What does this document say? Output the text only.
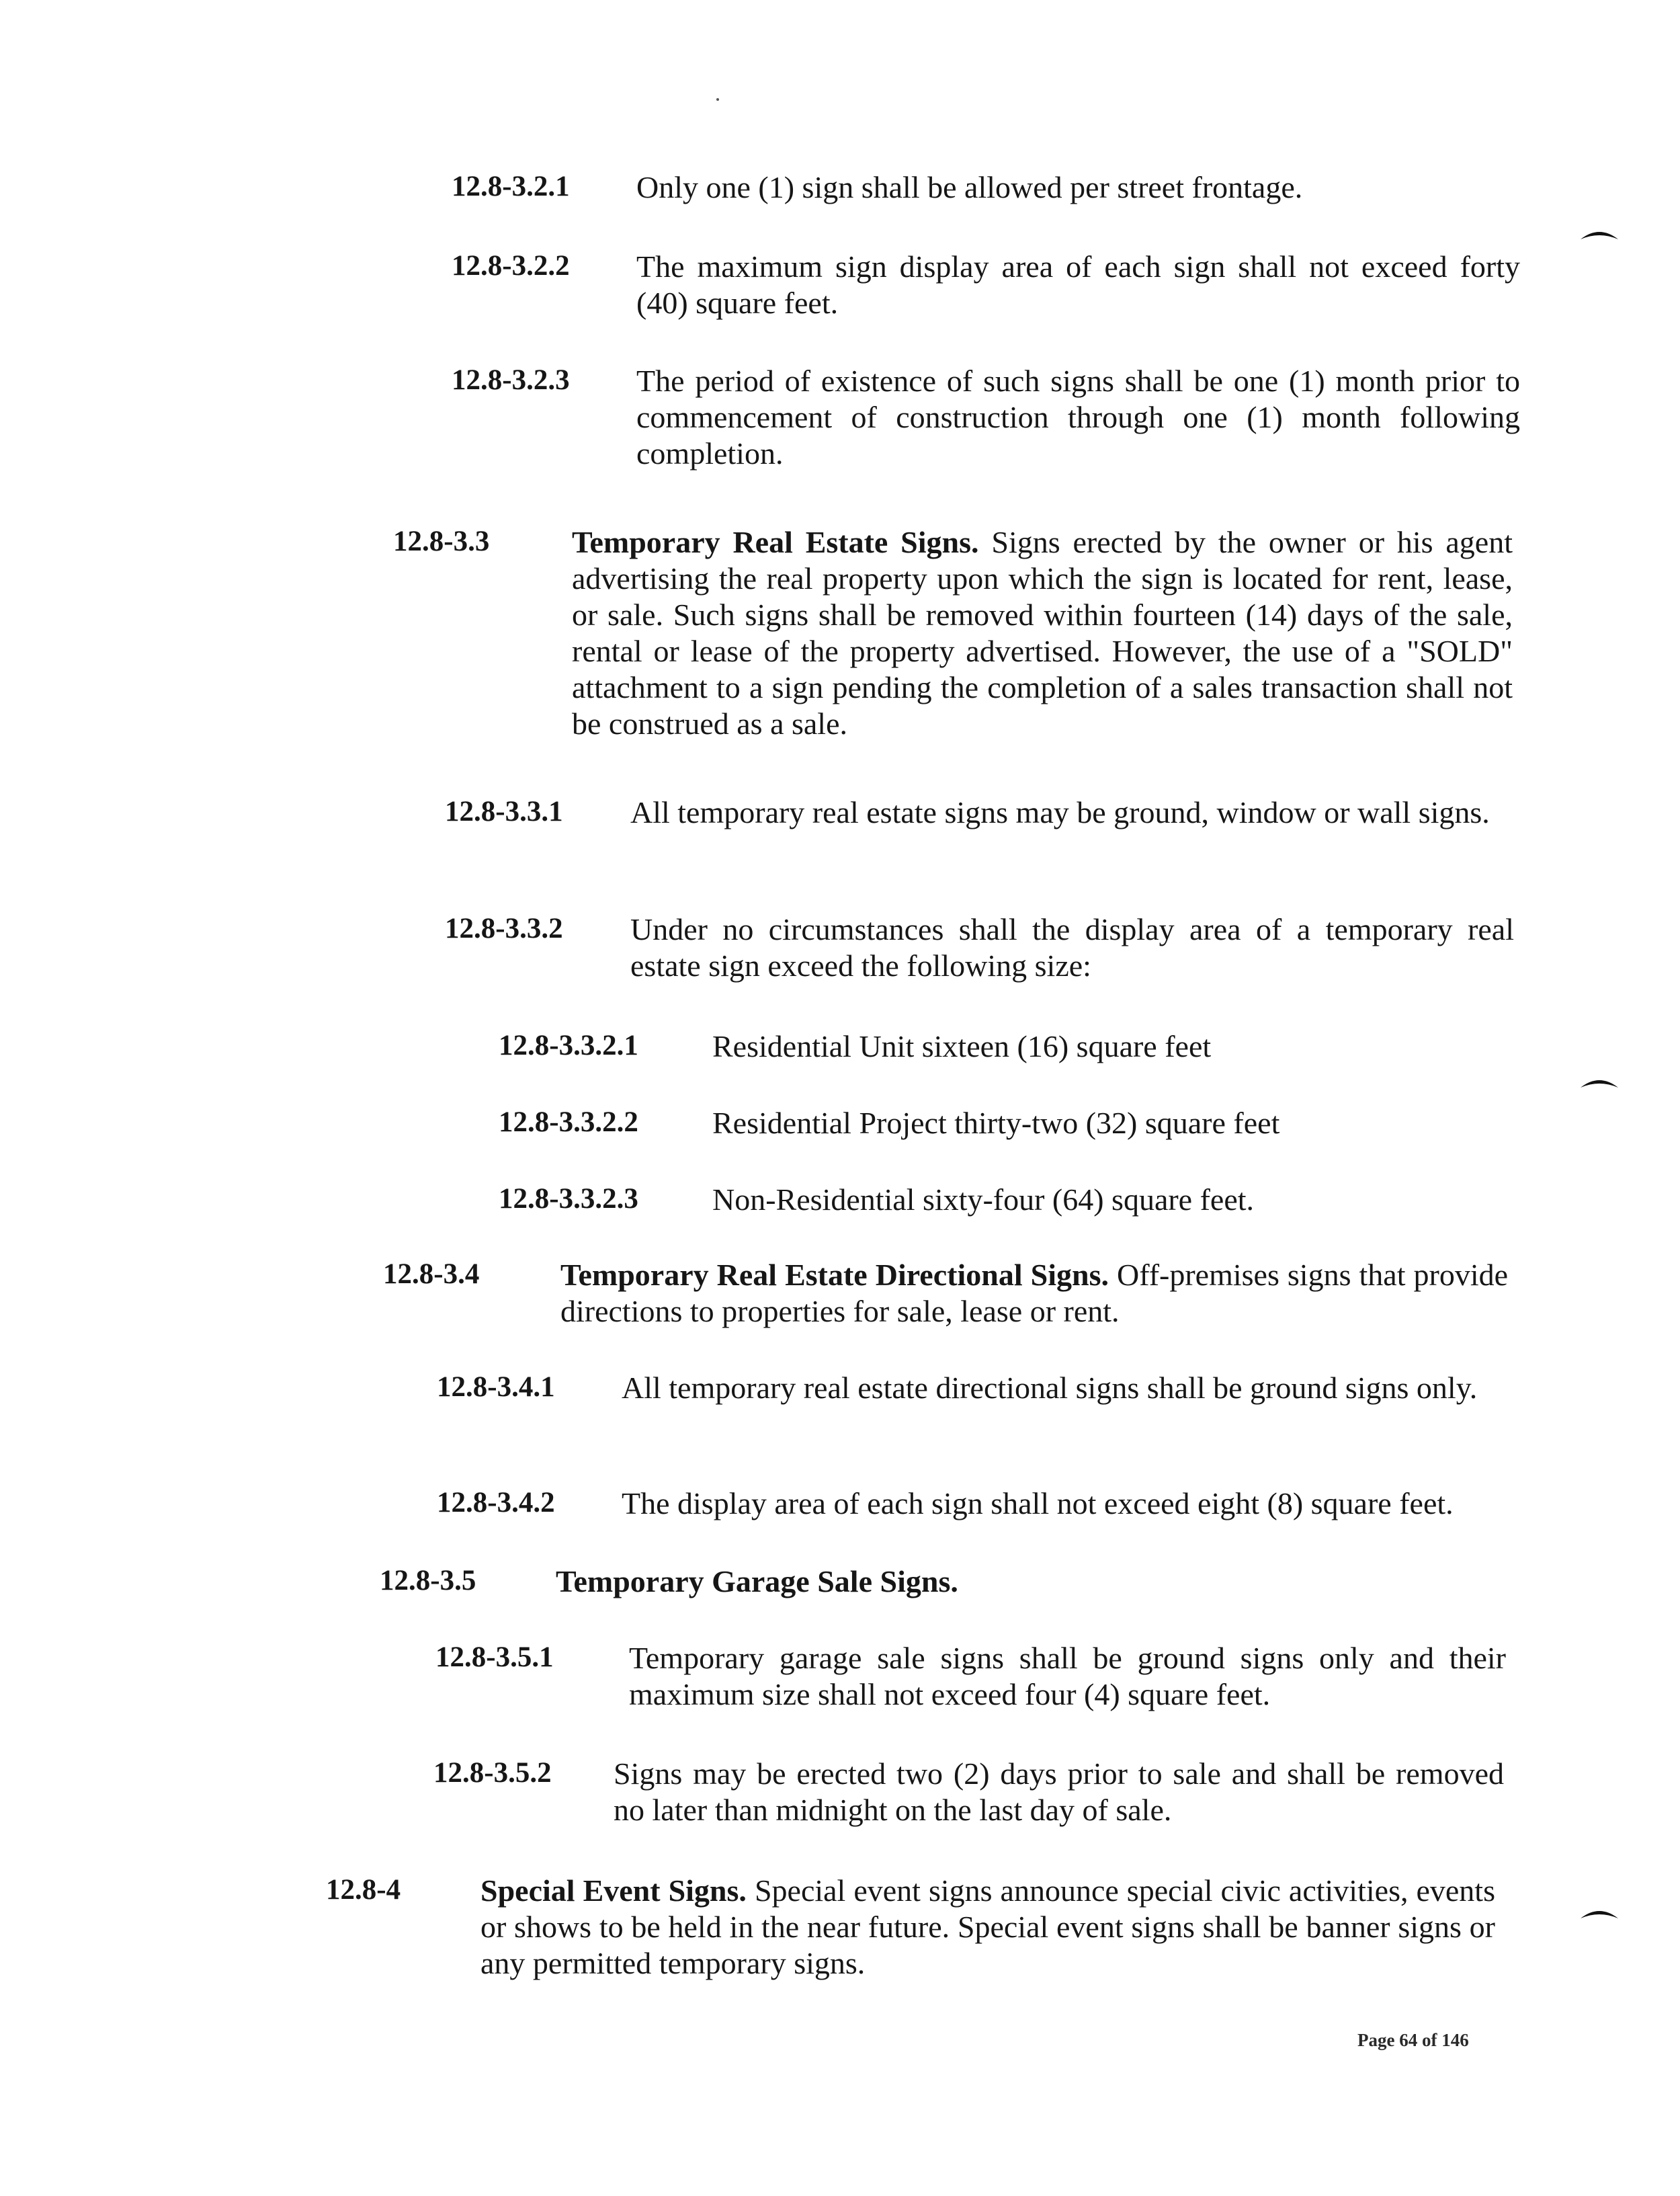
12.8-3.2.1 Only one (1) sign shall be allowed per street frontage.
12.8-3.2.2 The maximum sign display area of each sign shall not exceed forty (40) square feet.
12.8-3.2.3 The period of existence of such signs shall be one (1) month prior to commencement of construction through one (1) month following completion.
12.8-3.3	Temporary Real Estate Signs. Signs erected by the owner or his agent advertising the real property upon which the sign is located for rent, lease, or sale. Such signs shall be removed within fourteen (14) days of the sale, rental or lease of the property advertised. However, the use of a "SOLD" attachment to a sign pending the completion of a sales transaction shall not be construed as a sale.
12.8-3.3.1 All temporary real estate signs may be ground, window or wall signs.
12.8-3.3.2 Under no circumstances shall the display area of a temporary real estate sign exceed the following size:
12.8-3.3.2.1 Residential Unit sixteen (16) square feet
12.8-3.3.2.2 Residential Project thirty-two (32) square feet
12.8-3.3.2.3 Non-Residential sixty-four (64) square feet.
12.8-3.4	Temporary Real Estate Directional Signs. Off-premises signs that provide directions to properties for sale, lease or rent.
12.8-3.4.1 All temporary real estate directional signs shall be ground signs only.
12.8-3.4.2 The display area of each sign shall not exceed eight (8) square feet.
12.8-3.5	Temporary Garage Sale Signs.
12.8-3.5.1 Temporary garage sale signs shall be ground signs only and their maximum size shall not exceed four (4) square feet.
12.8-3.5.2 Signs may be erected two (2) days prior to sale and shall be removed no later than midnight on the last day of sale.
12.8-4	Special Event Signs. Special event signs announce special civic activities, events or shows to be held in the near future. Special event signs shall be banner signs or any permitted temporary signs.
Page 64 of 146
